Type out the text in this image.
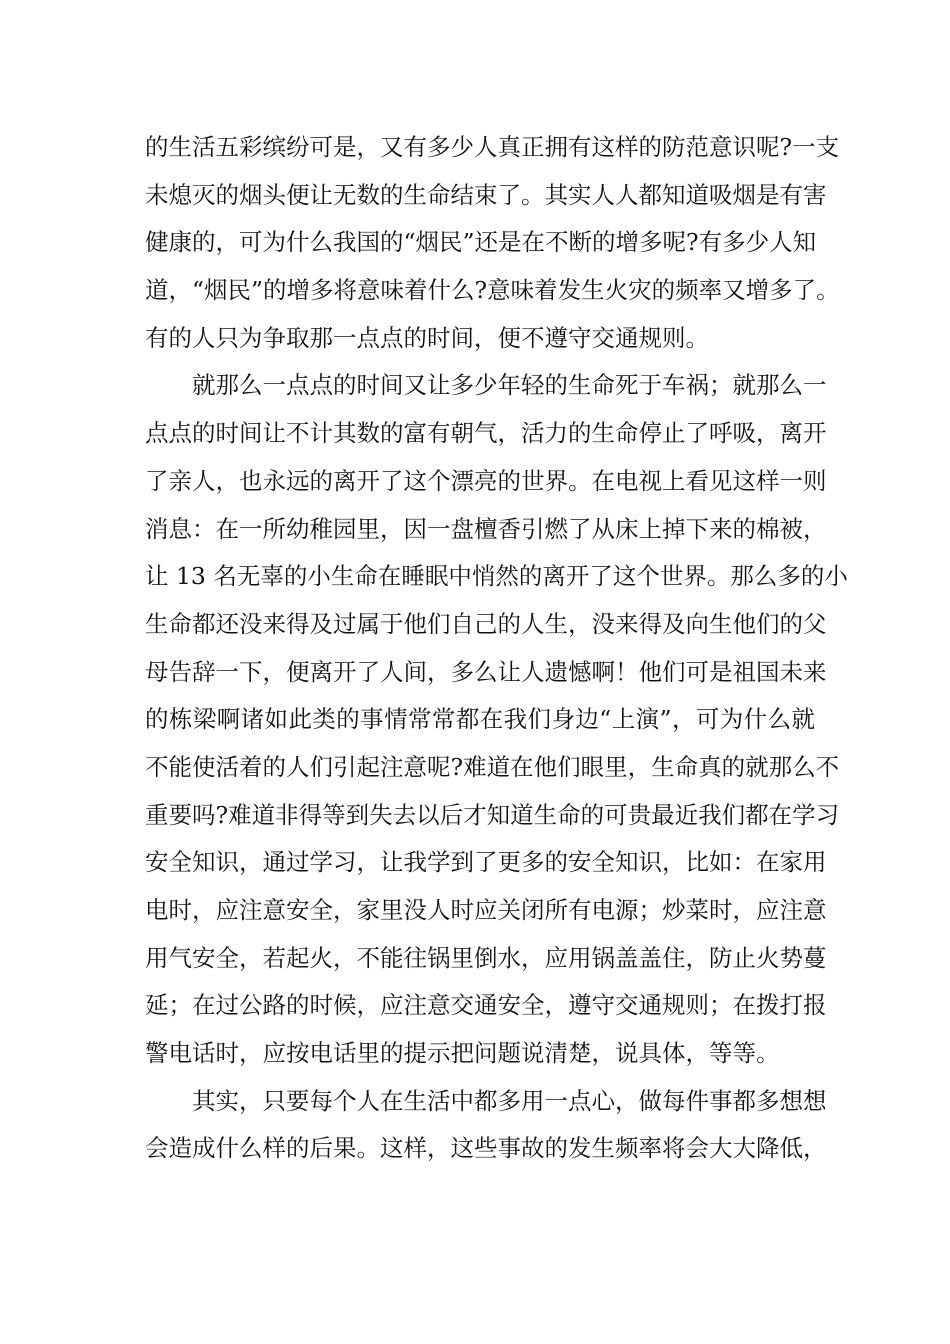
的生活五彩缤纷可是，又有多少人真正拥有这样的防范意识呢?一支
未熄灭的烟头便让无数的生命结束了。其实人人都知道吸烟是有害
健康的，可为什么我国的“烟民”还是在不断的增多呢?有多少人知
道，“烟民”的增多将意味着什么?意味着发生火灾的频率又增多了。
有的人只为争取那一点点的时间，便不遵守交通规则。
就那么一点点的时间又让多少年轻的生命死于车祸；就那么一
点点的时间让不计其数的富有朝气，活力的生命停止了呼吸，离开
了亲人，也永远的离开了这个漂亮的世界。在电视上看见这样一则
消息：在一所幼稚园里，因一盘檀香引燃了从床上掉下来的棉被，
让 13 名无辜的小生命在睡眠中悄然的离开了这个世界。那么多的小
生命都还没来得及过属于他们自己的人生，没来得及向生他们的父
母告辞一下，便离开了人间，多么让人遗憾啊！他们可是祖国未来
的栋梁啊诸如此类的事情常常都在我们身边“上演”，可为什么就
不能使活着的人们引起注意呢?难道在他们眼里，生命真的就那么不
重要吗?难道非得等到失去以后才知道生命的可贵最近我们都在学习
安全知识，通过学习，让我学到了更多的安全知识，比如：在家用
电时，应注意安全，家里没人时应关闭所有电源；炒菜时，应注意
用气安全，若起火，不能往锅里倒水，应用锅盖盖住，防止火势蔓
延；在过公路的时候，应注意交通安全，遵守交通规则；在拨打报
警电话时，应按电话里的提示把问题说清楚，说具体，等等。
其实，只要每个人在生活中都多用一点心，做每件事都多想想
会造成什么样的后果。这样，这些事故的发生频率将会大大降低，
